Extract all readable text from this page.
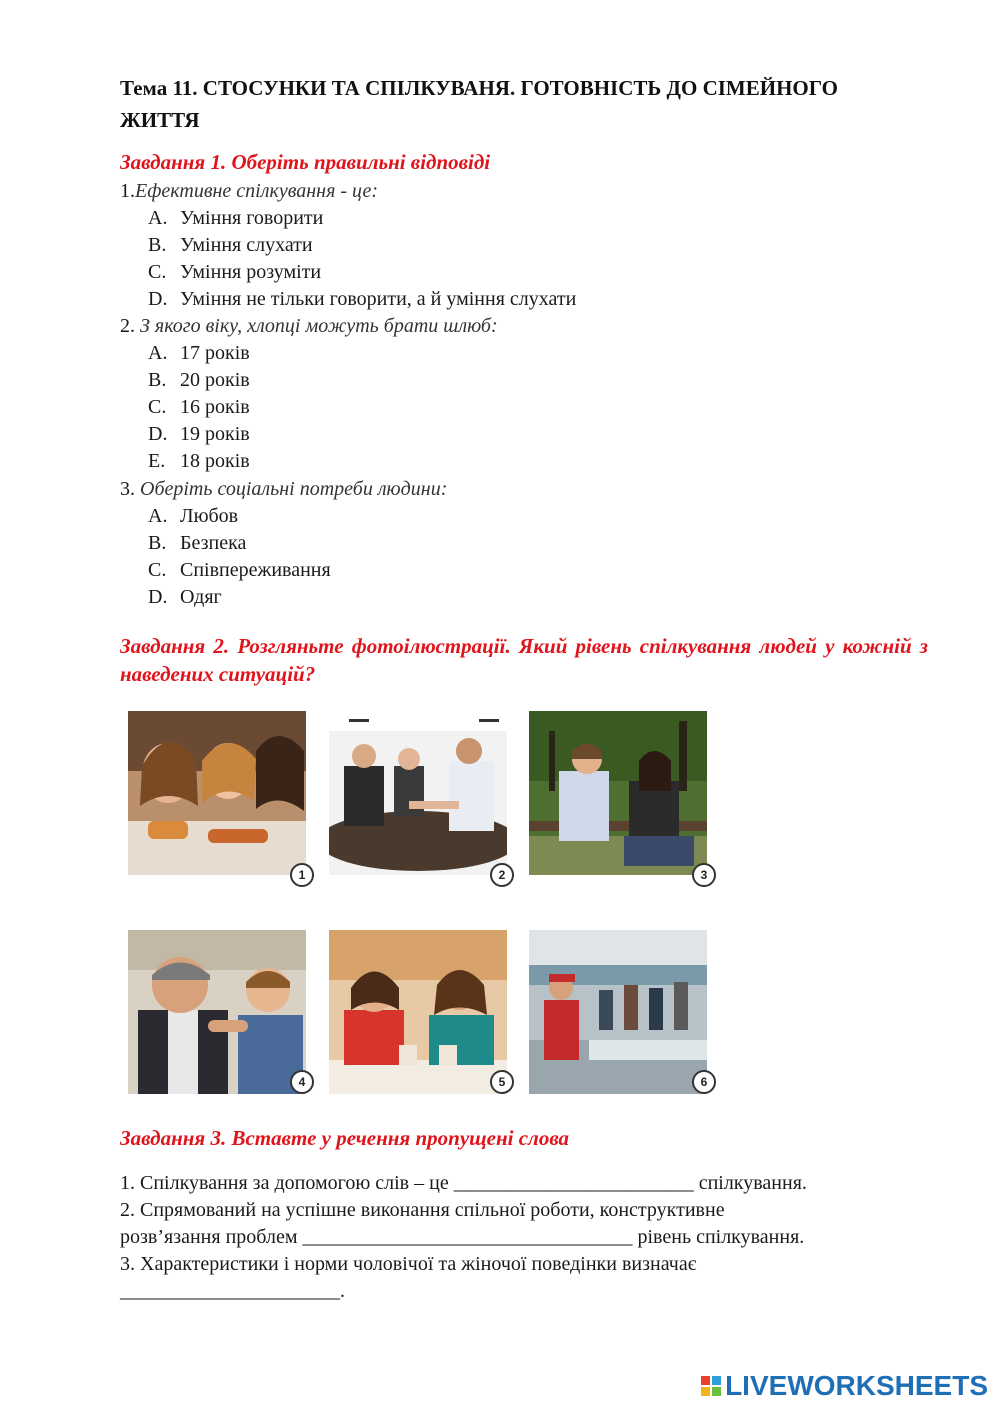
Тема 11. СТОСУНКИ ТА СПІЛКУВАНЯ. ГОТОВНІСТЬ ДО СІМЕЙНОГО ЖИТТЯ
Завдання 1. Оберіть правильні відповіді
1.Ефективне спілкування - це:
A. Уміння говорити
B. Уміння слухати
C. Уміння розуміти
D. Уміння не тільки говорити, а й уміння слухати
2. З якого віку, хлопці можуть брати шлюб:
A. 17 років
B. 20 років
C. 16 років
D. 19 років
E. 18 років
3. Оберіть соціальні потреби людини:
A. Любов
B. Безпека
C. Співпереживання
D. Одяг
Завдання 2. Розгляньте фотоілюстрації. Який рівень спілкування людей у кожній з наведених ситуацій?
1	2	3
4	5	6
Завдання 3. Вставте у речення пропущені слова
1. Спілкування за допомогою слів – це ________________________ спілкування.
2. Спрямований на успішне виконання спільної роботи, конструктивне
розв’язання проблем _________________________________ рівень спілкування.
3. Характеристики і норми чоловічої та жіночої поведінки визначає
______________________.
LIVEWORKSHEETS
